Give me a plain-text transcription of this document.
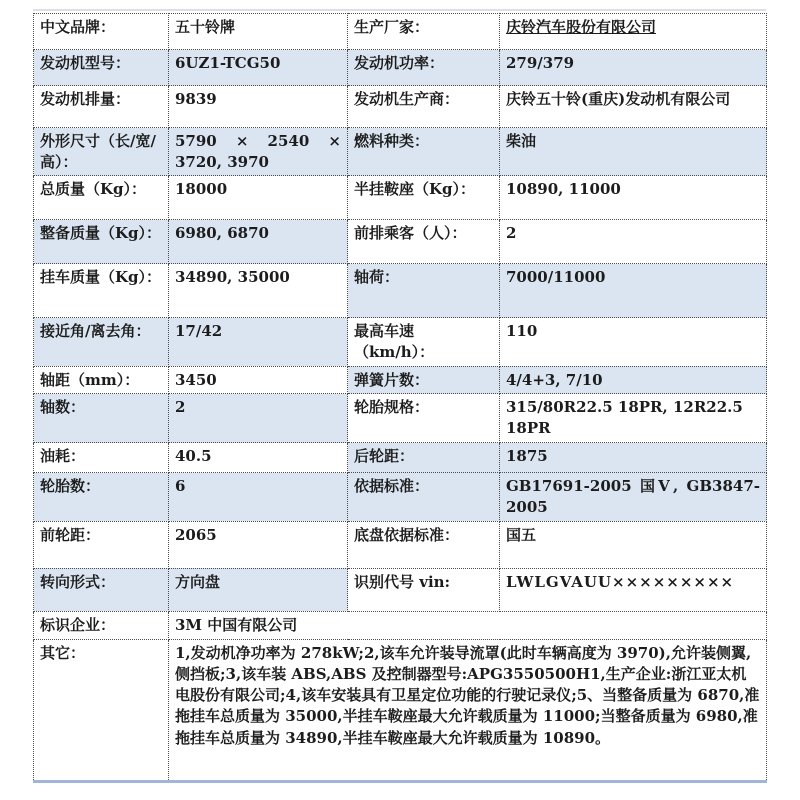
中文品牌：	五十铃牌	生产厂家：	庆铃汽车股份有限公司
发动机型号：	6UZ1-TCG50	发动机功率：	279/379
发动机排量：	9839	发动机生产商：	庆铃五十铃(重庆)发动机有限公司
外形尺寸（长/宽/高）：	5790 × 2540 × 3720, 3970	燃料种类：	柴油
总质量（Kg）：	18000	半挂鞍座（Kg）：	10890, 11000
整备质量（Kg）：	6980, 6870	前排乘客（人）：	2
挂车质量（Kg）：	34890, 35000	轴荷：	7000/11000
接近角/离去角：	17/42	最高车速（km/h）：	110
轴距（mm）：	3450	弹簧片数：	4/4+3, 7/10
轴数：	2	轮胎规格：	315/80R22.5 18PR, 12R22.5 18PR
油耗：	40.5	后轮距：	1875
轮胎数：	6	依据标准：	GB17691-2005 国Ⅴ, GB3847-2005
前轮距：	2065	底盘依据标准：	国五
转向形式：	方向盘	识别代号 vin:	LWLGVAUU×××××××××
标识企业：	3M 中国有限公司		
其它：	1,发动机净功率为 278kW;2,该车允许装导流罩(此时车辆高度为 3970),允许装侧翼,侧挡板;3,该车装 ABS,ABS 及控制器型号:APG3550500H1,生产企业:浙江亚太机电股份有限公司;4,该车安装具有卫星定位功能的行驶记录仪;5、当整备质量为 6870,准拖挂车总质量为 35000,半挂车鞍座最大允许载质量为 11000;当整备质量为 6980,准拖挂车总质量为 34890,半挂车鞍座最大允许载质量为 10890。		
